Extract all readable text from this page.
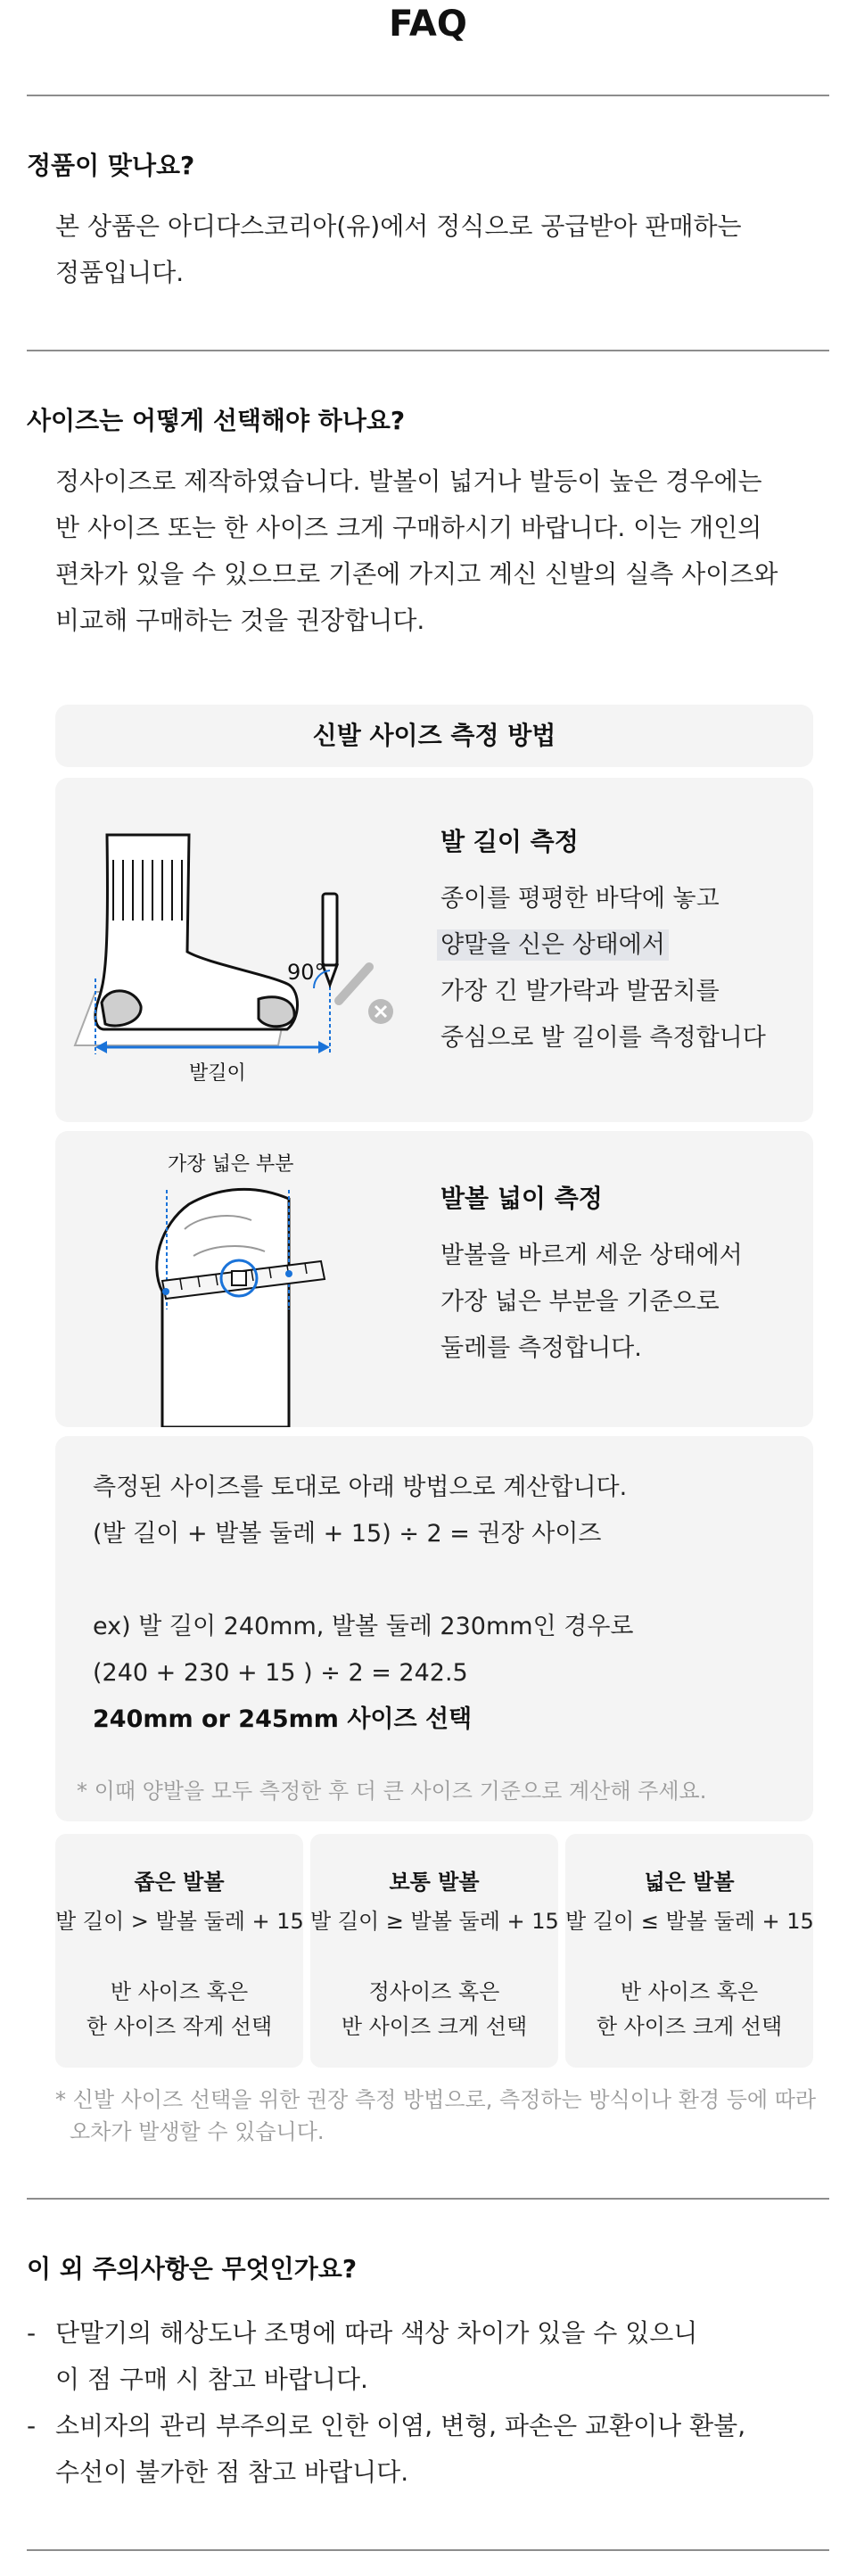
FAQ
정품이 맞나요?

본 상품은 아디다스코리아(유)에서 정식으로 공급받아 판매하는

정품입니다.

사이즈는 어떻게 선택해야 하나요?

정사이즈로 제작하였습니다. 발볼이 넓거나 발등이 높은 경우에는

반 사이즈 또는 한 사이즈 크게 구매하시기 바랍니다. 이는 개인의

편차가 있을 수 있으므로 기존에 가지고 계신 신발의 실측 사이즈와

비교해 구매하는 것을 권장합니다.

신발 사이즈 측정 방법
90°
발길이
발 길이 측정

종이를 평평한 바닥에 놓고

양말을 신은 상태에서

가장 긴 발가락과 발꿈치를

중심으로 발 길이를 측정합니다

가장 넓은 부분
발볼 넓이 측정

발볼을 바르게 세운 상태에서

가장 넓은 부분을 기준으로

둘레를 측정합니다.

측정된 사이즈를 토대로 아래 방법으로 계산합니다.
(발 길이 + 발볼 둘레 + 15) ÷ 2 = 권장 사이즈
ex) 발 길이 240mm, 발볼 둘레 230mm인 경우로
(240 + 230 + 15 ) ÷ 2 = 242.5
240mm or 245mm 사이즈 선택
* 이때 양발을 모두 측정한 후 더 큰 사이즈 기준으로 계산해 주세요.
좁은 발볼
발 길이 > 발볼 둘레 + 15
반 사이즈 혹은
한 사이즈 작게 선택
보통 발볼
발 길이 ≥ 발볼 둘레 + 15
정사이즈 혹은
반 사이즈 크게 선택
넓은 발볼
발 길이 ≤ 발볼 둘레 + 15
반 사이즈 혹은
한 사이즈 크게 선택

* 신발 사이즈 선택을 위한 권장 측정 방법으로, 측정하는 방식이나 환경 등에 따라

오차가 발생할 수 있습니다.

이 외 주의사항은 무엇인가요?
- 단말기의 해상도나 조명에 따라 색상 차이가 있을 수 있으니
이 점 구매 시 참고 바랍니다.
- 소비자의 관리 부주의로 인한 이염, 변형, 파손은 교환이나 환불,
수선이 불가한 점 참고 바랍니다.
